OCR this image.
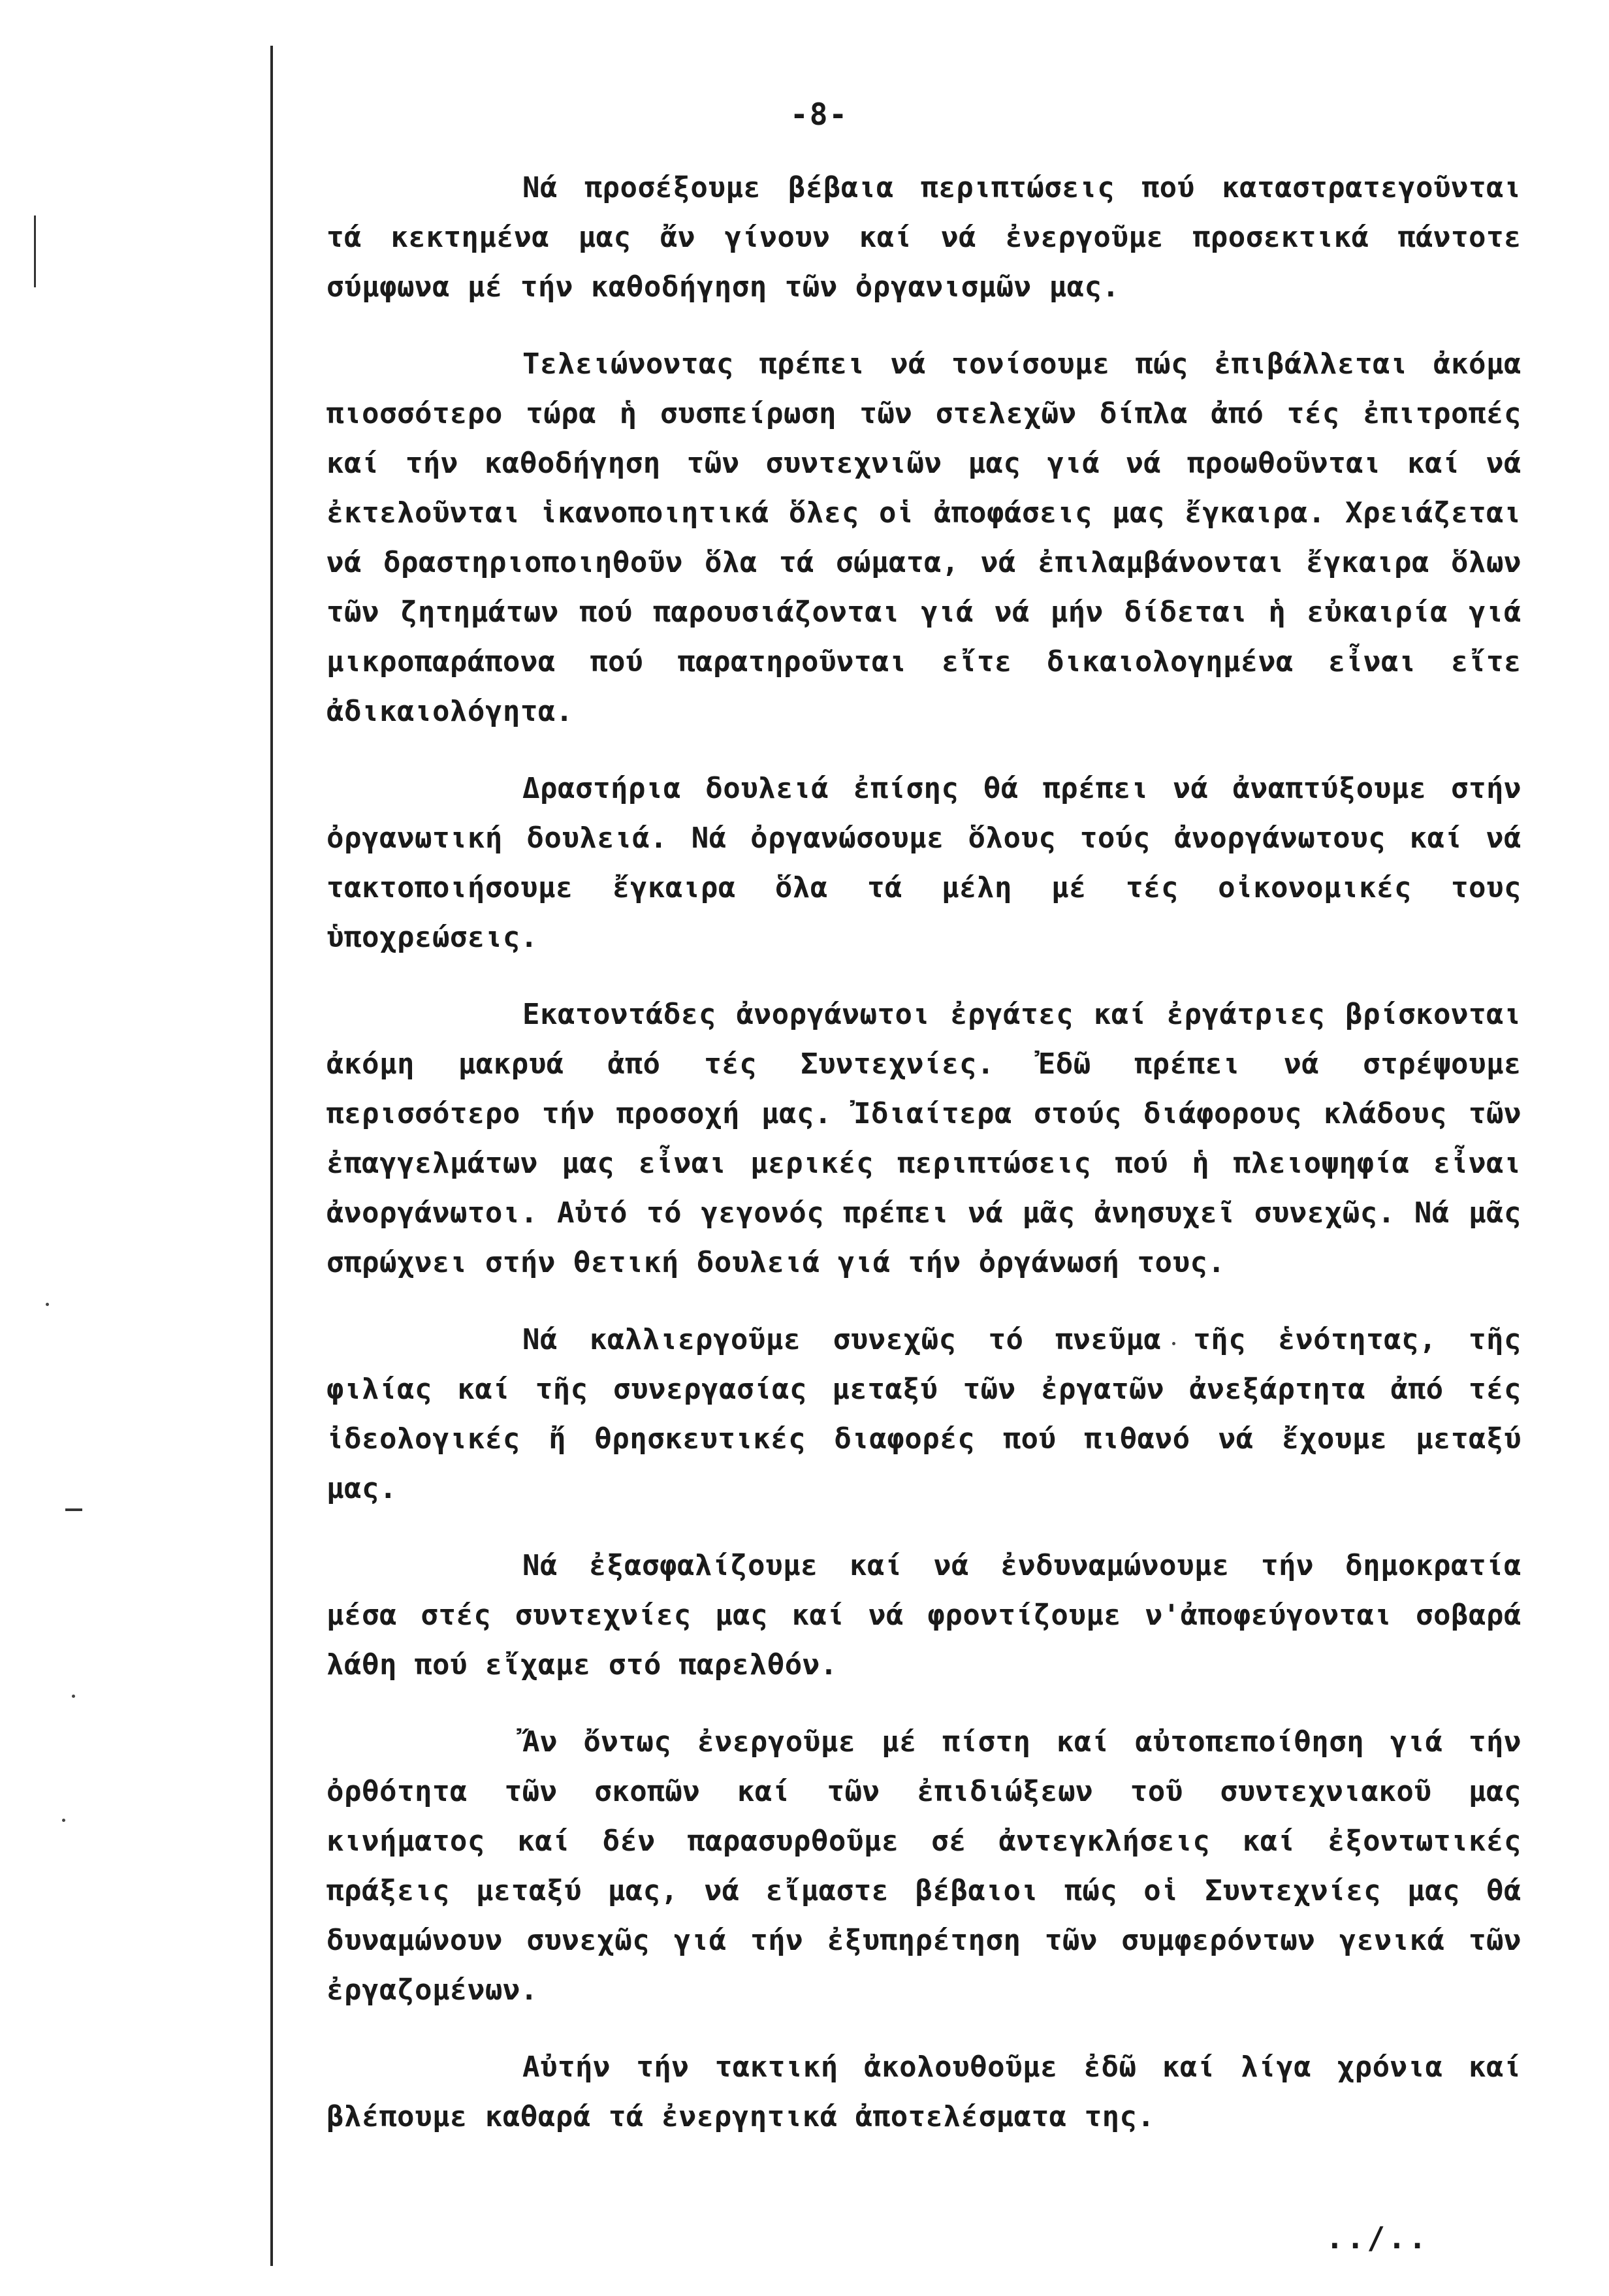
-8-

Νά προσέξουμε βέβαια περιπτώσεις πού καταστρατεγοῦνται τά κεκτημένα μας ἄν γίνουν καί νά ἐνεργοῦμε προσεκτικά πάντοτε σύμφωνα μέ τήν καθοδήγηση τῶν ὀργανισμῶν μας.

Τελειώνοντας πρέπει νά τονίσουμε πώς ἐπιβάλλεται ἀκόμα πιoσσότερο τώρα ἡ συσπείρωση τῶν στελεχῶν δίπλα ἀπό τές ἐπιτροπές καί τήν καθοδήγηση τῶν συντεχνιῶν μας γιά νά προωθοῦνται καί νά ἐκτελοῦνται ἱκανοποιητικά ὅλες οἱ ἀποφάσεις μας ἔγκαιρα. Χρειάζεται νά δραστηριοποιηθοῦν ὅλα τά σώματα, νά ἐπιλαμβάνονται ἔγκαιρα ὅλων τῶν ζητημάτων πού παρουσιάζονται γιά νά μήν δίδεται ἡ εὐκαιρία γιά μικροπαράπονα πού παρατηροῦνται εἴτε δικαιολογημένα εἶναι εἴτε ἀδικαιολόγητα.

Δραστήρια δουλειά ἐπίσης θά πρέπει νά ἀναπτύξουμε στήν ὀργανωτική δουλειά. Νά ὀργανώσουμε ὅλους τούς ἀνοργάνωτους καί νά τακτοποιήσουμε ἔγκαιρα ὅλα τά μέλη μέ τές οἰκονομικές τους ὑποχρεώσεις.

Εκατοντάδες ἀνοργάνωτοι ἐργάτες καί ἐργάτριες βρίσκονται ἀκόμη μακρυά ἀπό τές Συντεχνίες. Ἐδῶ πρέπει νά στρέψουμε περισσότερο τήν προσοχή μας. Ἰδιαίτερα στούς διάφορους κλάδους τῶν ἐπαγγελμάτων μας εἶναι μερικές περιπτώσεις πού ἡ πλειοψηφία εἶναι ἀνοργάνωτοι. Αὐτό τό γεγονός πρέπει νά μᾶς ἀνησυχεῖ συνεχῶς. Νά μᾶς σπρώχνει στήν θετική δουλειά γιά τήν ὀργάνωσή τους.

Νά καλλιεργοῦμε συνεχῶς τό πνεῦμα τῆς ἑνότητας, τῆς φιλίας καί τῆς συνεργασίας μεταξύ τῶν ἐργατῶν ἀνεξάρτητα ἀπό τές ἰδεολογικές ἤ θρησκευτικές διαφορές πού πιθανό νά ἔχουμε μεταξύ μας.

Νά ἐξασφαλίζουμε καί νά ἐνδυναμώνουμε τήν δημοκρατία μέσα στές συντεχνίες μας καί νά φροντίζουμε ν'ἀποφεύγονται σοβαρά λάθη πού εἴχαμε στό παρελθόν.

Ἄν ὄντως ἐνεργοῦμε μέ πίστη καί αὐτοπεποίθηση γιά τήν ὀρθότητα τῶν σκοπῶν καί τῶν ἐπιδιώξεων τοῦ συντεχνιακοῦ μας κινήματος καί δέν παρασυρθοῦμε σέ ἀντεγκλήσεις καί ἐξοντωτικές πράξεις μεταξύ μας, νά εἴμαστε βέβαιοι πώς οἱ Συντεχνίες μας θά δυναμώνουν συνεχῶς γιά τήν ἐξυπηρέτηση τῶν συμφερόντων γενικά τῶν ἐργαζομένων.

Αὐτήν τήν τακτική ἀκολουθοῦμε ἐδῶ καί λίγα χρόνια καί βλέπουμε καθαρά τά ἐνεργητικά ἀποτελέσματα της.

../..
